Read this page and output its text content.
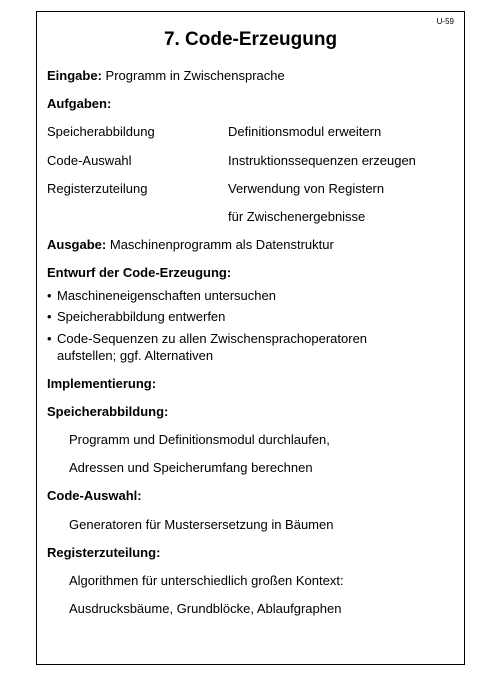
U-59
7. Code-Erzeugung
Eingabe: Programm in Zwischensprache
Aufgaben:
Speicherabbildung	Definitionsmodul erweitern
Code-Auswahl	Instruktionssequenzen erzeugen
Registerzuteilung	Verwendung von Registern
für Zwischenergebnisse
Ausgabe: Maschinenprogramm als Datenstruktur
Entwurf der Code-Erzeugung:
• Maschineneigenschaften untersuchen
• Speicherabbildung entwerfen
• Code-Sequenzen zu allen Zwischensprachoperatoren
aufstellen; ggf. Alternativen
Implementierung:
Speicherabbildung:
Programm und Definitionsmodul durchlaufen,
Adressen und Speicherumfang berechnen
Code-Auswahl:
Generatoren für Mustersersetzung in Bäumen
Registerzuteilung:
Algorithmen für unterschiedlich großen Kontext:
Ausdrucksbäume, Grundblöcke, Ablaufgraphen
